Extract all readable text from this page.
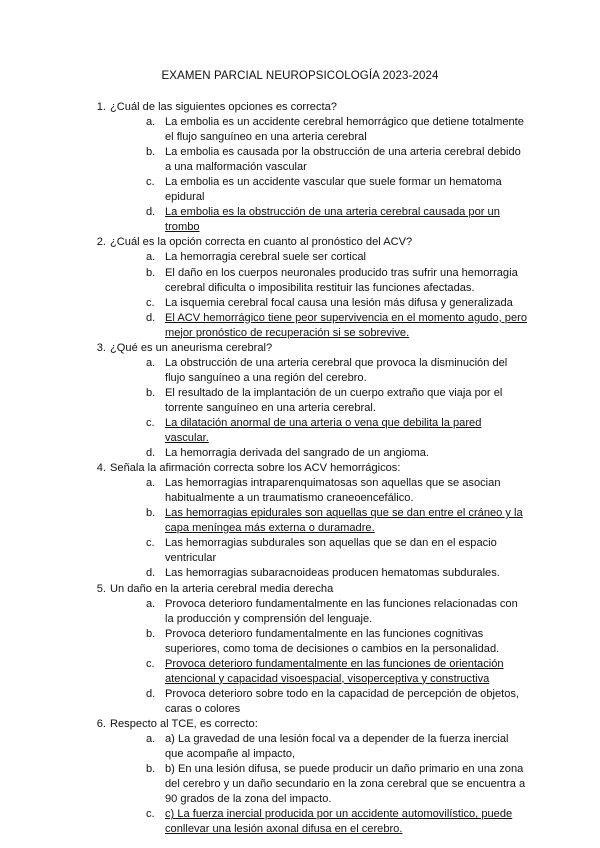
EXAMEN PARCIAL NEUROPSICOLOGÍA 2023-2024
1. ¿Cuál de las siguientes opciones es correcta?
a. La embolia es un accidente cerebral hemorrágico que detiene totalmente el flujo sanguíneo en una arteria cerebral
b. La embolia es causada por la obstrucción de una arteria cerebral debido a una malformación vascular
c. La embolia es un accidente vascular que suele formar un hematoma epidural
d. La embolia es la obstrucción de una arteria cerebral causada por un trombo
2. ¿Cuál es la opción correcta en cuanto al pronóstico del ACV?
a. La hemorragia cerebral suele ser cortical
b. El daño en los cuerpos neuronales producido tras sufrir una hemorragia cerebral dificulta o imposibilita restituir las funciones afectadas.
c. La isquemia cerebral focal causa una lesión más difusa y generalizada
d. El ACV hemorrágico tiene peor supervivencia en el momento agudo, pero mejor pronóstico de recuperación si se sobrevive.
3. ¿Qué es un aneurisma cerebral?
a. La obstrucción de una arteria cerebral que provoca la disminución del flujo sanguíneo a una región del cerebro.
b. El resultado de la implantación de un cuerpo extraño que viaja por el torrente sanguíneo en una arteria cerebral.
c. La dilatación anormal de una arteria o vena que debilita la pared vascular.
d. La hemorragia derivada del sangrado de un angioma.
4. Señala la afirmación correcta sobre los ACV hemorrágicos:
a. Las hemorragias intraparenquimatosas son aquellas que se asocian habitualmente a un traumatismo craneoencefálico.
b. Las hemorragias epidurales son aquellas que se dan entre el cráneo y la capa meníngea más externa o duramadre.
c. Las hemorragias subdurales son aquellas que se dan en el espacio ventricular
d. Las hemorragias subaracnoideas producen hematomas subdurales.
5. Un daño en la arteria cerebral media derecha
a. Provoca deterioro fundamentalmente en las funciones relacionadas con la producción y comprensión del lenguaje.
b. Provoca deterioro fundamentalmente en las funciones cognitivas superiores, como toma de decisiones o cambios en la personalidad.
c. Provoca deterioro fundamentalmente en las funciones de orientación atencional y capacidad visoespacial, visoperceptiva y constructiva
d. Provoca deterioro sobre todo en la capacidad de percepción de objetos, caras o colores
6. Respecto al TCE, es correcto:
a. a) La gravedad de una lesión focal va a depender de la fuerza inercial que acompañe al impacto,
b. b) En una lesión difusa, se puede producir un daño primario en una zona del cerebro y un daño secundario en la zona cerebral que se encuentra a 90 grados de la zona del impacto.
c. c) La fuerza inercial producida por un accidente automovilístico, puede conllevar una lesión axonal difusa en el cerebro.
